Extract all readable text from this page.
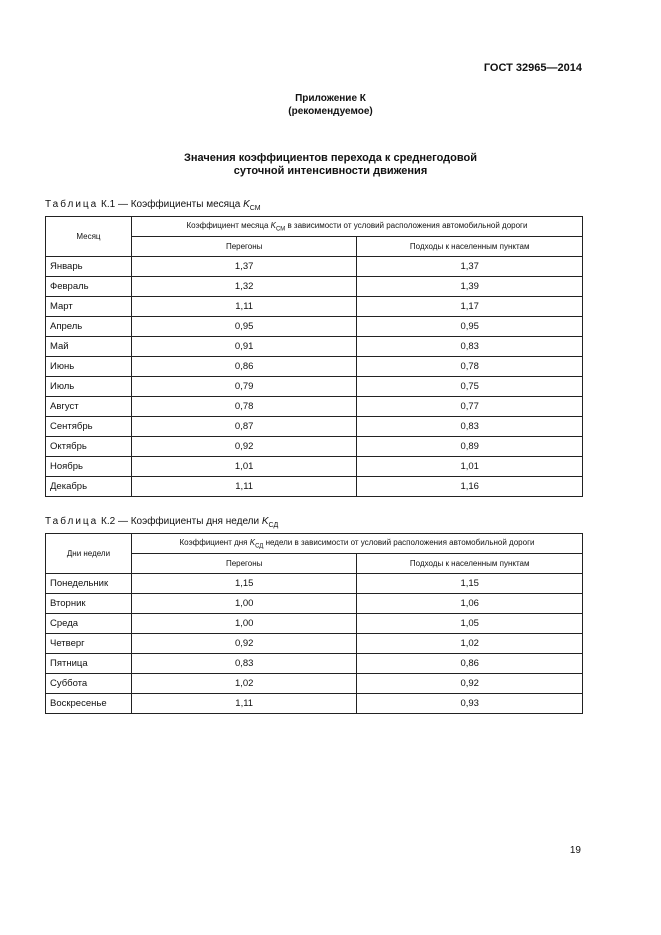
ГОСТ 32965—2014
Приложение К
(рекомендуемое)
Значения коэффициентов перехода к среднегодовой
суточной интенсивности движения
Таблица К.1 — Коэффициенты месяца $K_{СМ}$
Месяц	Коэффициент месяца $K_{СМ}$ в зависимости от условий расположения автомобильной дороги	
	Перегоны	Подходы к населенным пунктам
Январь	1,37	1,37
Февраль	1,32	1,39
Март	1,11	1,17
Апрель	0,95	0,95
Май	0,91	0,83
Июнь	0,86	0,78
Июль	0,79	0,75
Август	0,78	0,77
Сентябрь	0,87	0,83
Октябрь	0,92	0,89
Ноябрь	1,01	1,01
Декабрь	1,11	1,16
Таблица К.2 — Коэффициенты дня недели $K_{СД}$
Дни недели	Коэффициент дня $K_{СД}$ недели в зависимости от условий расположения автомобильной дороги	
	Перегоны	Подходы к населенным пунктам
Понедельник	1,15	1,15
Вторник	1,00	1,06
Среда	1,00	1,05
Четверг	0,92	1,02
Пятница	0,83	0,86
Суббота	1,02	0,92
Воскресенье	1,11	0,93
19
